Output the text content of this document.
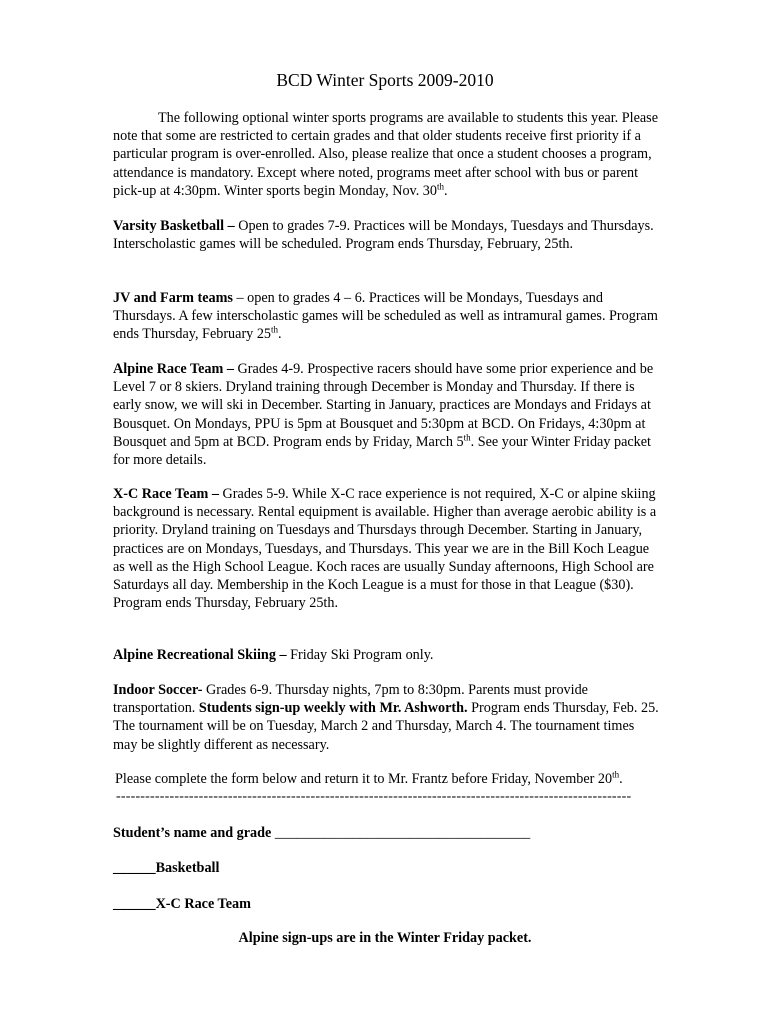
BCD Winter Sports 2009-2010

The following optional winter sports programs are available to students this year. Please note that some are restricted to certain grades and that older students receive first priority if a particular program is over-enrolled. Also, please realize that once a student chooses a program, attendance is mandatory. Except where noted, programs meet after school with bus or parent pick-up at 4:30pm. Winter sports begin Monday, Nov. 30th.

Varsity Basketball – Open to grades 7-9. Practices will be Mondays, Tuesdays and Thursdays. Interscholastic games will be scheduled. Program ends Thursday, February, 25th.

JV and Farm teams – open to grades 4 – 6. Practices will be Mondays, Tuesdays and Thursdays. A few interscholastic games will be scheduled as well as intramural games. Program ends Thursday, February 25th.

Alpine Race Team – Grades 4-9. Prospective racers should have some prior experience and be Level 7 or 8 skiers. Dryland training through December is Monday and Thursday. If there is early snow, we will ski in December. Starting in January, practices are Mondays and Fridays at Bousquet. On Mondays, PPU is 5pm at Bousquet and 5:30pm at BCD. On Fridays, 4:30pm at Bousquet and 5pm at BCD. Program ends by Friday, March 5th. See your Winter Friday packet for more details.

X-C Race Team – Grades 5-9. While X-C race experience is not required, X-C or alpine skiing background is necessary. Rental equipment is available. Higher than average aerobic ability is a priority. Dryland training on Tuesdays and Thursdays through December. Starting in January, practices are on Mondays, Tuesdays, and Thursdays. This year we are in the Bill Koch League as well as the High School League. Koch races are usually Sunday afternoons, High School are Saturdays all day. Membership in the Koch League is a must for those in that League ($30). Program ends Thursday, February 25th.

Alpine Recreational Skiing – Friday Ski Program only.

Indoor Soccer- Grades 6-9. Thursday nights, 7pm to 8:30pm. Parents must provide transportation. Students sign-up weekly with Mr. Ashworth. Program ends Thursday, Feb. 25. The tournament will be on Tuesday, March 2 and Thursday, March 4. The tournament times may be slightly different as necessary.

Please complete the form below and return it to Mr. Frantz before Friday, November 20th.

----------------------------------------------------------------------------------------------------------

Student’s name and grade ____________________________________

______Basketball

______X-C Race Team

Alpine sign-ups are in the Winter Friday packet.
